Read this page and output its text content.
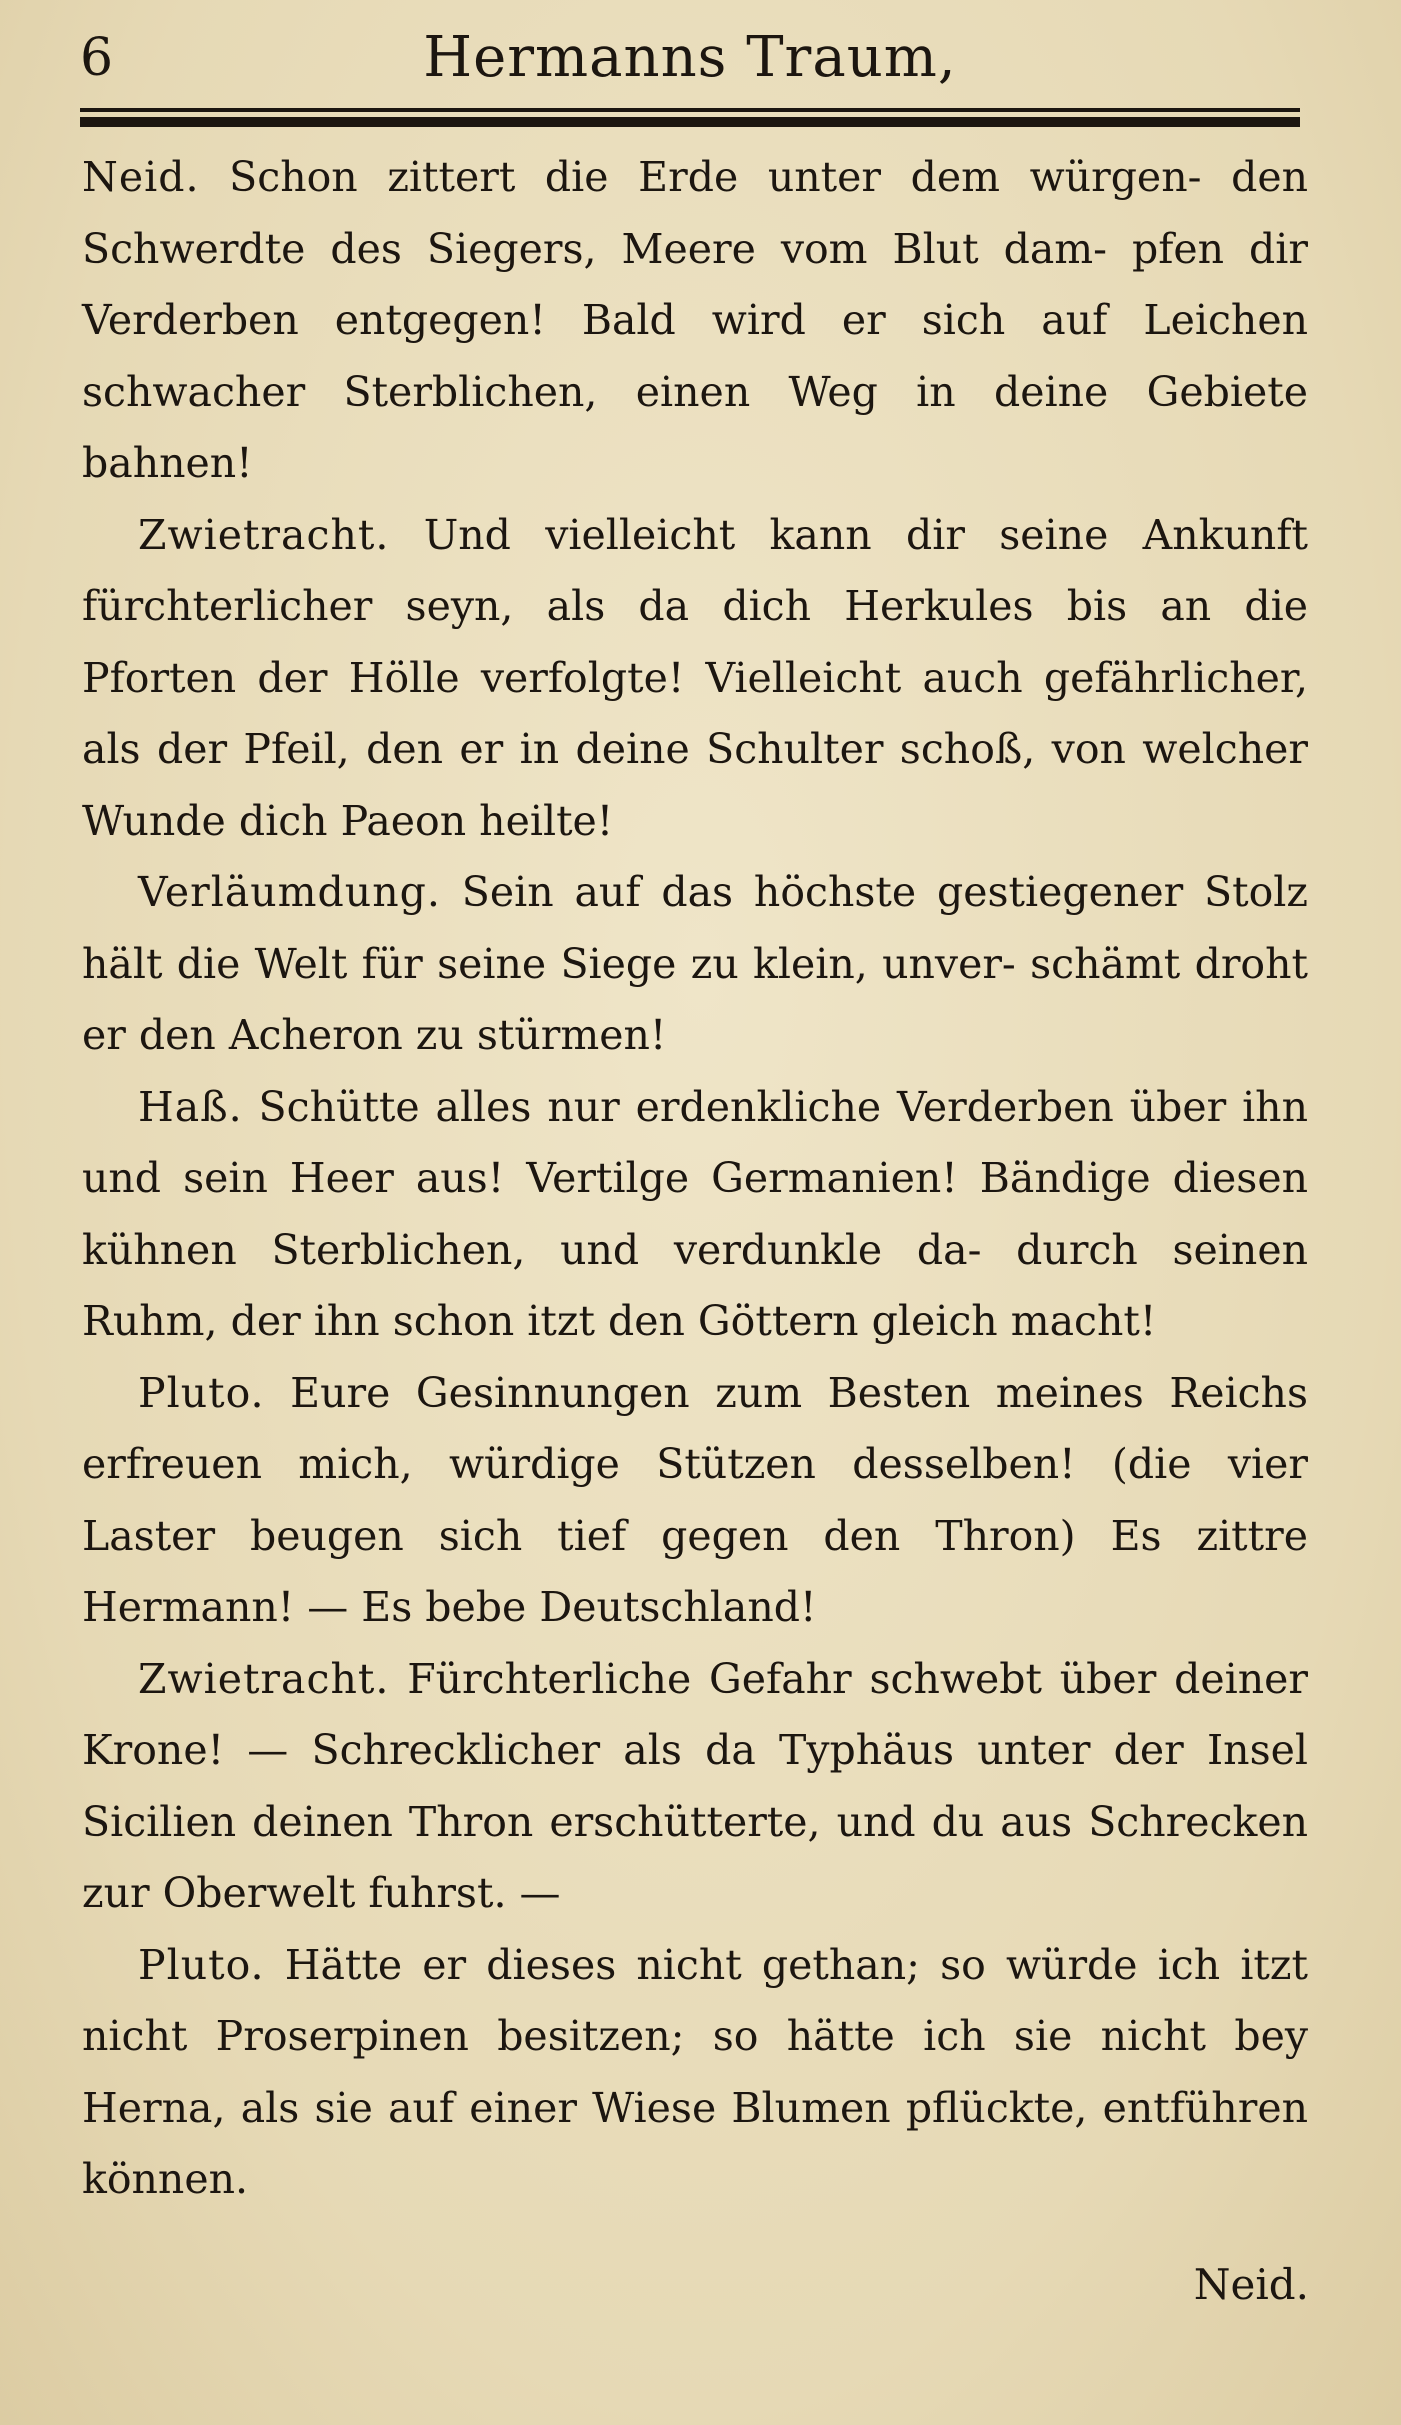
6	Hermanns Traum,

Neid. Schon zittert die Erde unter dem würgen- den Schwerdte des Siegers, Meere vom Blut dam- pfen dir Verderben entgegen! Bald wird er sich auf Leichen schwacher Sterblichen, einen Weg in deine Gebiete bahnen!

Zwietracht. Und vielleicht kann dir seine Ankunft fürchterlicher seyn, als da dich Herkules bis an die Pforten der Hölle verfolgte! Vielleicht auch gefährlicher, als der Pfeil, den er in deine Schulter schoß, von welcher Wunde dich Paeon heilte!

Verläumdung. Sein auf das höchste gestiegener Stolz hält die Welt für seine Siege zu klein, unver- schämt droht er den Acheron zu stürmen!

Haß. Schütte alles nur erdenkliche Verderben über ihn und sein Heer aus! Vertilge Germanien! Bändige diesen kühnen Sterblichen, und verdunkle da- durch seinen Ruhm, der ihn schon itzt den Göttern gleich macht!

Pluto. Eure Gesinnungen zum Besten meines Reichs erfreuen mich, würdige Stützen desselben! (die vier Laster beugen sich tief gegen den Thron) Es zittre Hermann! — Es bebe Deutschland!

Zwietracht. Fürchterliche Gefahr schwebt über deiner Krone! — Schrecklicher als da Typhäus unter der Insel Sicilien deinen Thron erschütterte, und du aus Schrecken zur Oberwelt fuhrst. —

Pluto. Hätte er dieses nicht gethan; so würde ich itzt nicht Proserpinen besitzen; so hätte ich sie nicht bey Herna, als sie auf einer Wiese Blumen pflückte, entführen können.

Neid.
